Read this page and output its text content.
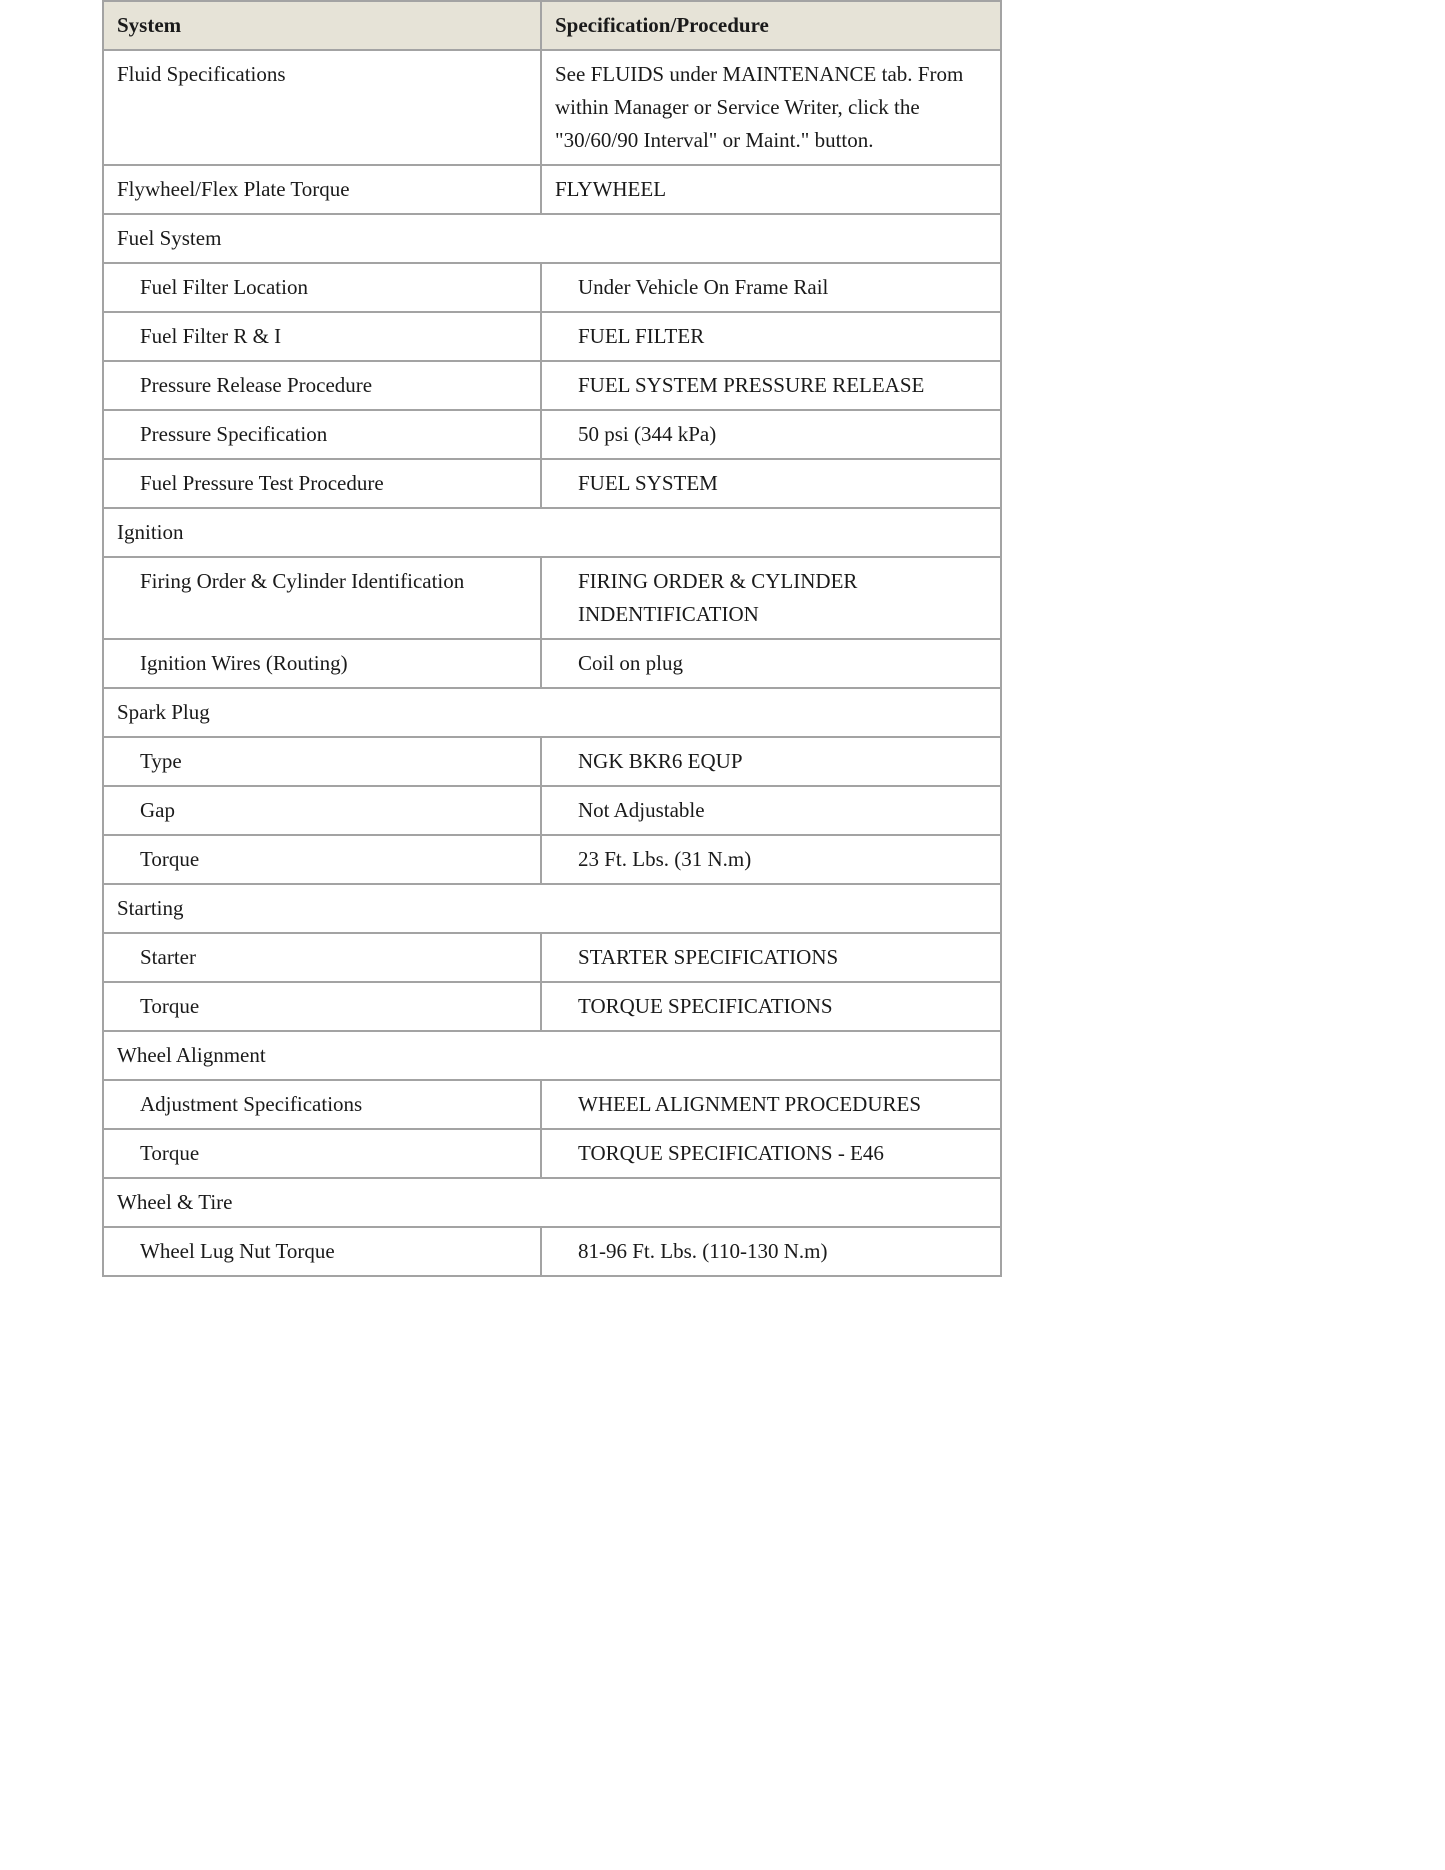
System	Specification/Procedure
Fluid Specifications	See FLUIDS under MAINTENANCE tab. From within Manager or Service Writer, click the "30/60/90 Interval" or Maint." button.
Flywheel/Flex Plate Torque	FLYWHEEL
Fuel System	
Fuel Filter Location	Under Vehicle On Frame Rail
Fuel Filter R & I	FUEL FILTER
Pressure Release Procedure	FUEL SYSTEM PRESSURE RELEASE
Pressure Specification	50 psi (344 kPa)
Fuel Pressure Test Procedure	FUEL SYSTEM
Ignition	
Firing Order & Cylinder Identification	FIRING ORDER & CYLINDER INDENTIFICATION
Ignition Wires (Routing)	Coil on plug
Spark Plug	
Type	NGK BKR6 EQUP
Gap	Not Adjustable
Torque	23 Ft. Lbs. (31 N.m)
Starting	
Starter	STARTER SPECIFICATIONS
Torque	TORQUE SPECIFICATIONS
Wheel Alignment	
Adjustment Specifications	WHEEL ALIGNMENT PROCEDURES
Torque	TORQUE SPECIFICATIONS - E46
Wheel & Tire	
Wheel Lug Nut Torque	81-96 Ft. Lbs. (110-130 N.m)
